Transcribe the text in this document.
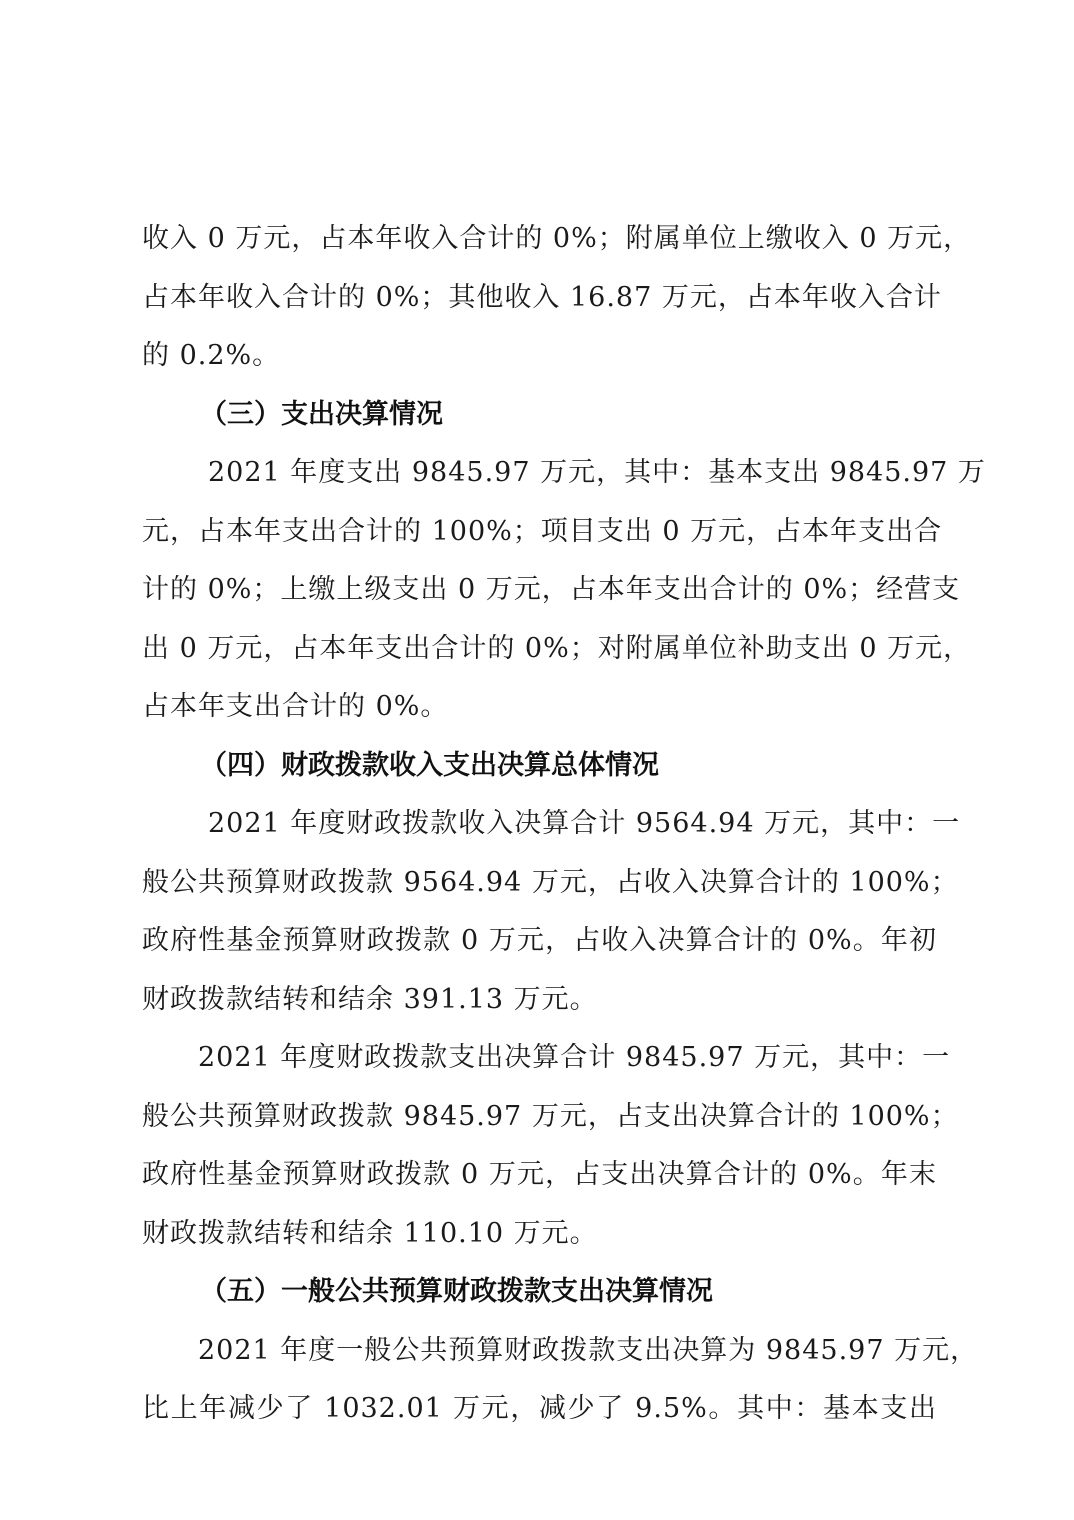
收入 0 万元，占本年收入合计的 0%；附属单位上缴收入 0 万元，
占本年收入合计的 0%；其他收入 16.87 万元，占本年收入合计
的 0.2%。
（三）支出决算情况
2021 年度支出 9845.97 万元，其中：基本支出 9845.97 万
元，占本年支出合计的 100%；项目支出 0 万元，占本年支出合
计的 0%；上缴上级支出 0 万元，占本年支出合计的 0%；经营支
出 0 万元，占本年支出合计的 0%；对附属单位补助支出 0 万元，
占本年支出合计的 0%。
（四）财政拨款收入支出决算总体情况
2021 年度财政拨款收入决算合计 9564.94 万元，其中：一
般公共预算财政拨款 9564.94 万元，占收入决算合计的 100%；
政府性基金预算财政拨款 0 万元，占收入决算合计的 0%。年初
财政拨款结转和结余 391.13 万元。
2021 年度财政拨款支出决算合计 9845.97 万元，其中：一
般公共预算财政拨款 9845.97 万元，占支出决算合计的 100%；
政府性基金预算财政拨款 0 万元，占支出决算合计的 0%。年末
财政拨款结转和结余 110.10 万元。
（五）一般公共预算财政拨款支出决算情况
2021 年度一般公共预算财政拨款支出决算为 9845.97 万元，
比上年减少了 1032.01 万元，减少了 9.5%。其中：基本支出
